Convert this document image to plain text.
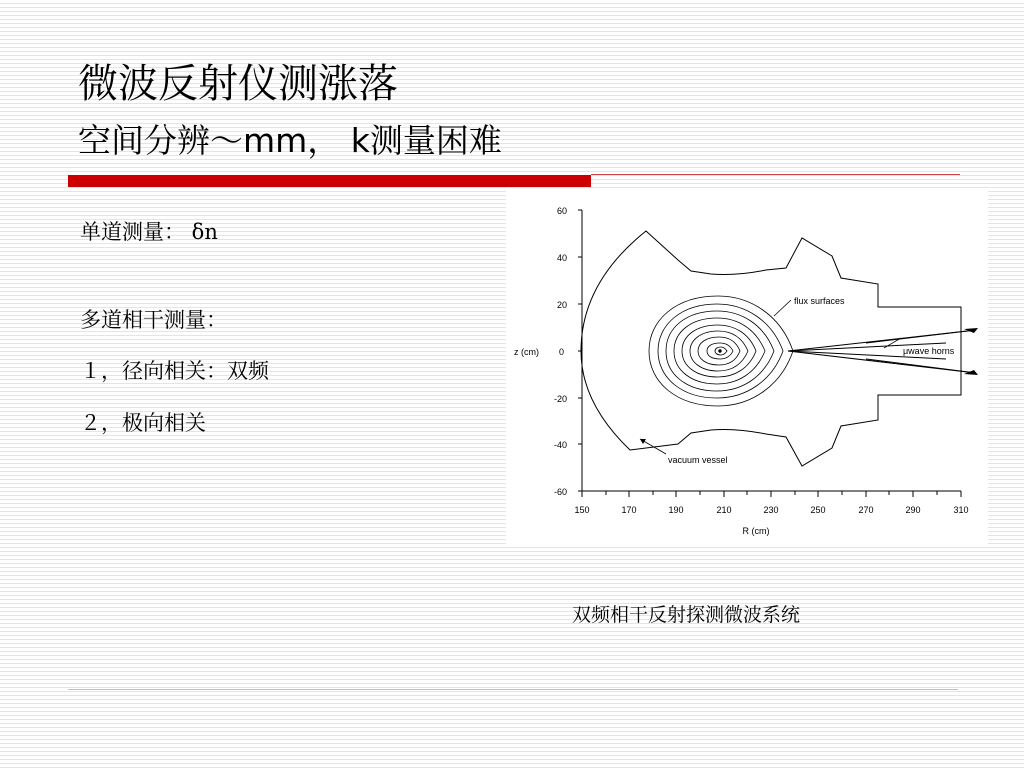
微波反射仪测涨落
空间分辨～mm， k测量困难
单道测量： δn
多道相干测量：
１，径向相关：双频
２，极向相关
60
40
20
0
-20
-40
-60
z (cm)
150	170	190	210	230	250	270	290	310
R (cm)
flux surfaces
μwave horns
vacuum vessel
双频相干反射探测微波系统
